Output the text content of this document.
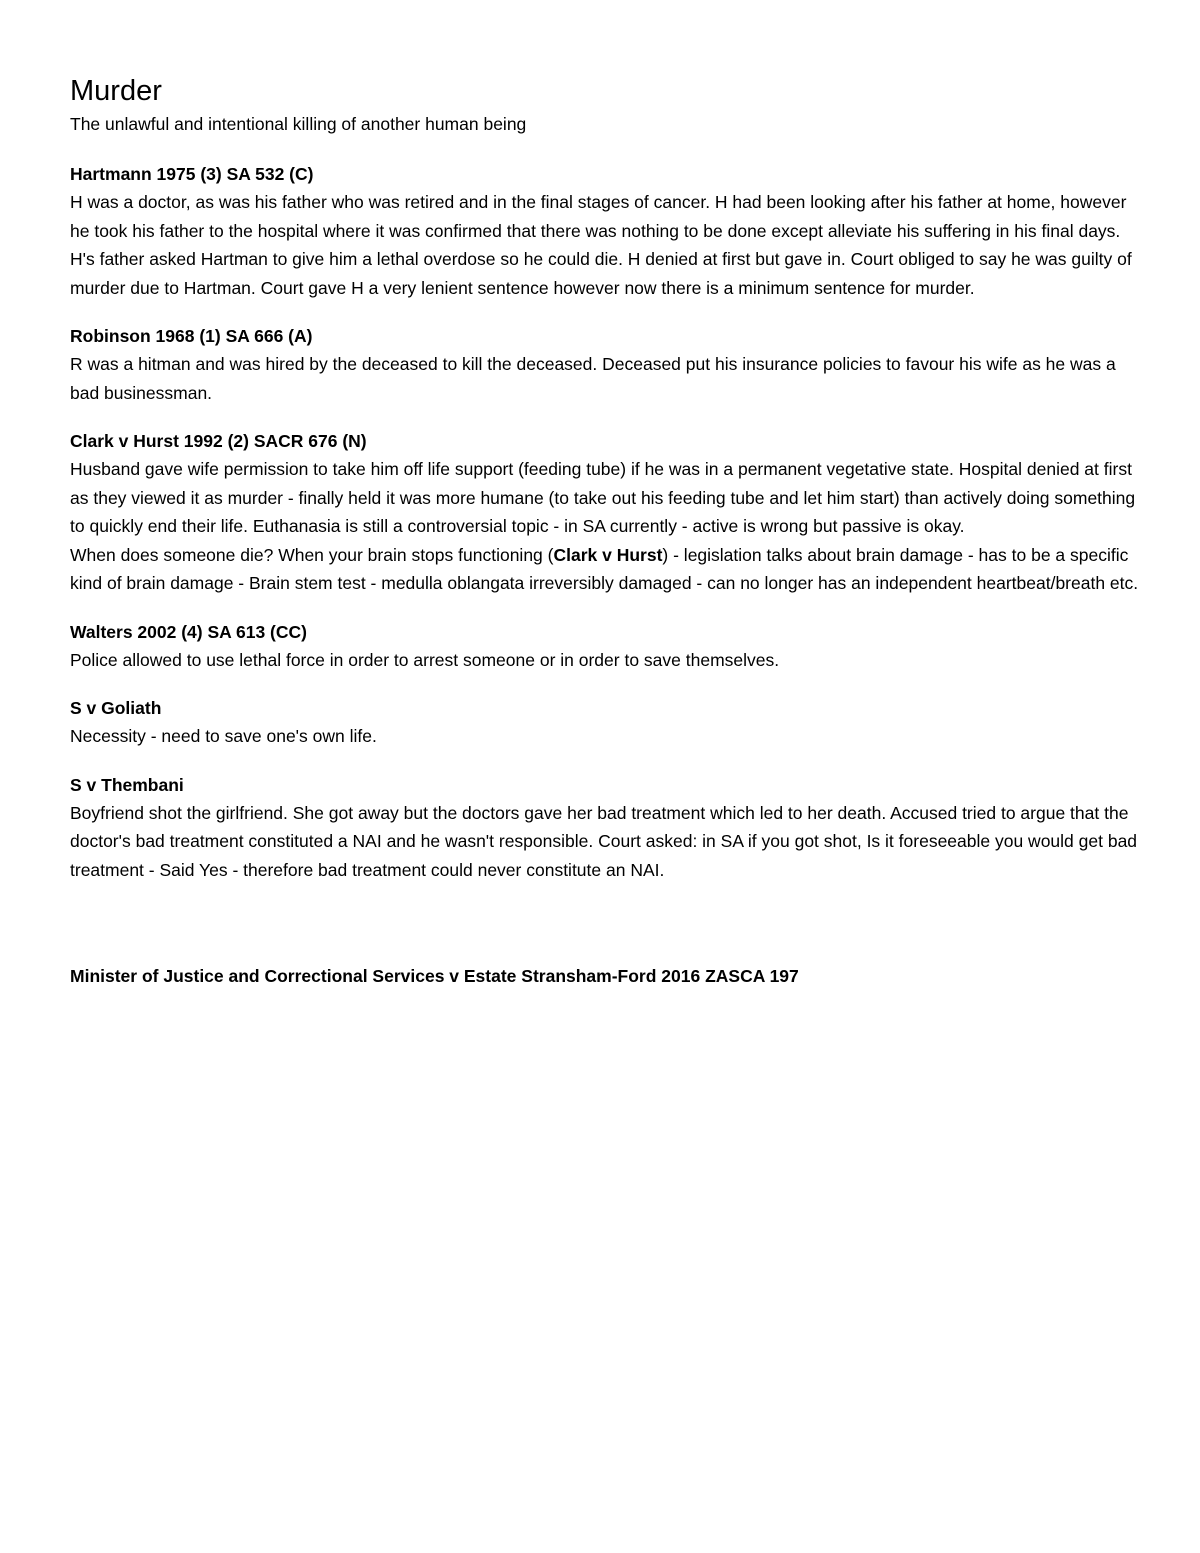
Murder

The unlawful and intentional killing of another human being

Hartmann 1975 (3) SA 532 (C)

H was a doctor, as was his father who was retired and in the final stages of cancer. H had been looking after his father at home, however he took his father to the hospital where it was confirmed that there was nothing to be done except alleviate his suffering in his final days. H's father asked Hartman to give him a lethal overdose so he could die. H denied at first but gave in. Court obliged to say he was guilty of murder due to Hartman. Court gave H a very lenient sentence however now there is a minimum sentence for murder.

Robinson 1968 (1) SA 666 (A)

R was a hitman and was hired by the deceased to kill the deceased. Deceased put his insurance policies to favour his wife as he was a bad businessman.

Clark v Hurst 1992 (2) SACR 676 (N)

Husband gave wife permission to take him off life support (feeding tube) if he was in a permanent vegetative state. Hospital denied at first as they viewed it as murder - finally held it was more humane (to take out his feeding tube and let him start) than actively doing something to quickly end their life. Euthanasia is still a controversial topic - in SA currently - active is wrong but passive is okay.

When does someone die? When your brain stops functioning (Clark v Hurst) - legislation talks about brain damage - has to be a specific kind of brain damage - Brain stem test - medulla oblangata irreversibly damaged - can no longer has an independent heartbeat/breath etc.

Walters 2002 (4) SA 613 (CC)

Police allowed to use lethal force in order to arrest someone or in order to save themselves.

S v Goliath

Necessity - need to save one's own life.

S v Thembani

Boyfriend shot the girlfriend. She got away but the doctors gave her bad treatment which led to her death. Accused tried to argue that the doctor's bad treatment constituted a NAI and he wasn't responsible. Court asked: in SA if you got shot, Is it foreseeable you would get bad treatment - Said Yes - therefore bad treatment could never constitute an NAI.

Minister of Justice and Correctional Services v Estate Stransham-Ford 2016 ZASCA 197
